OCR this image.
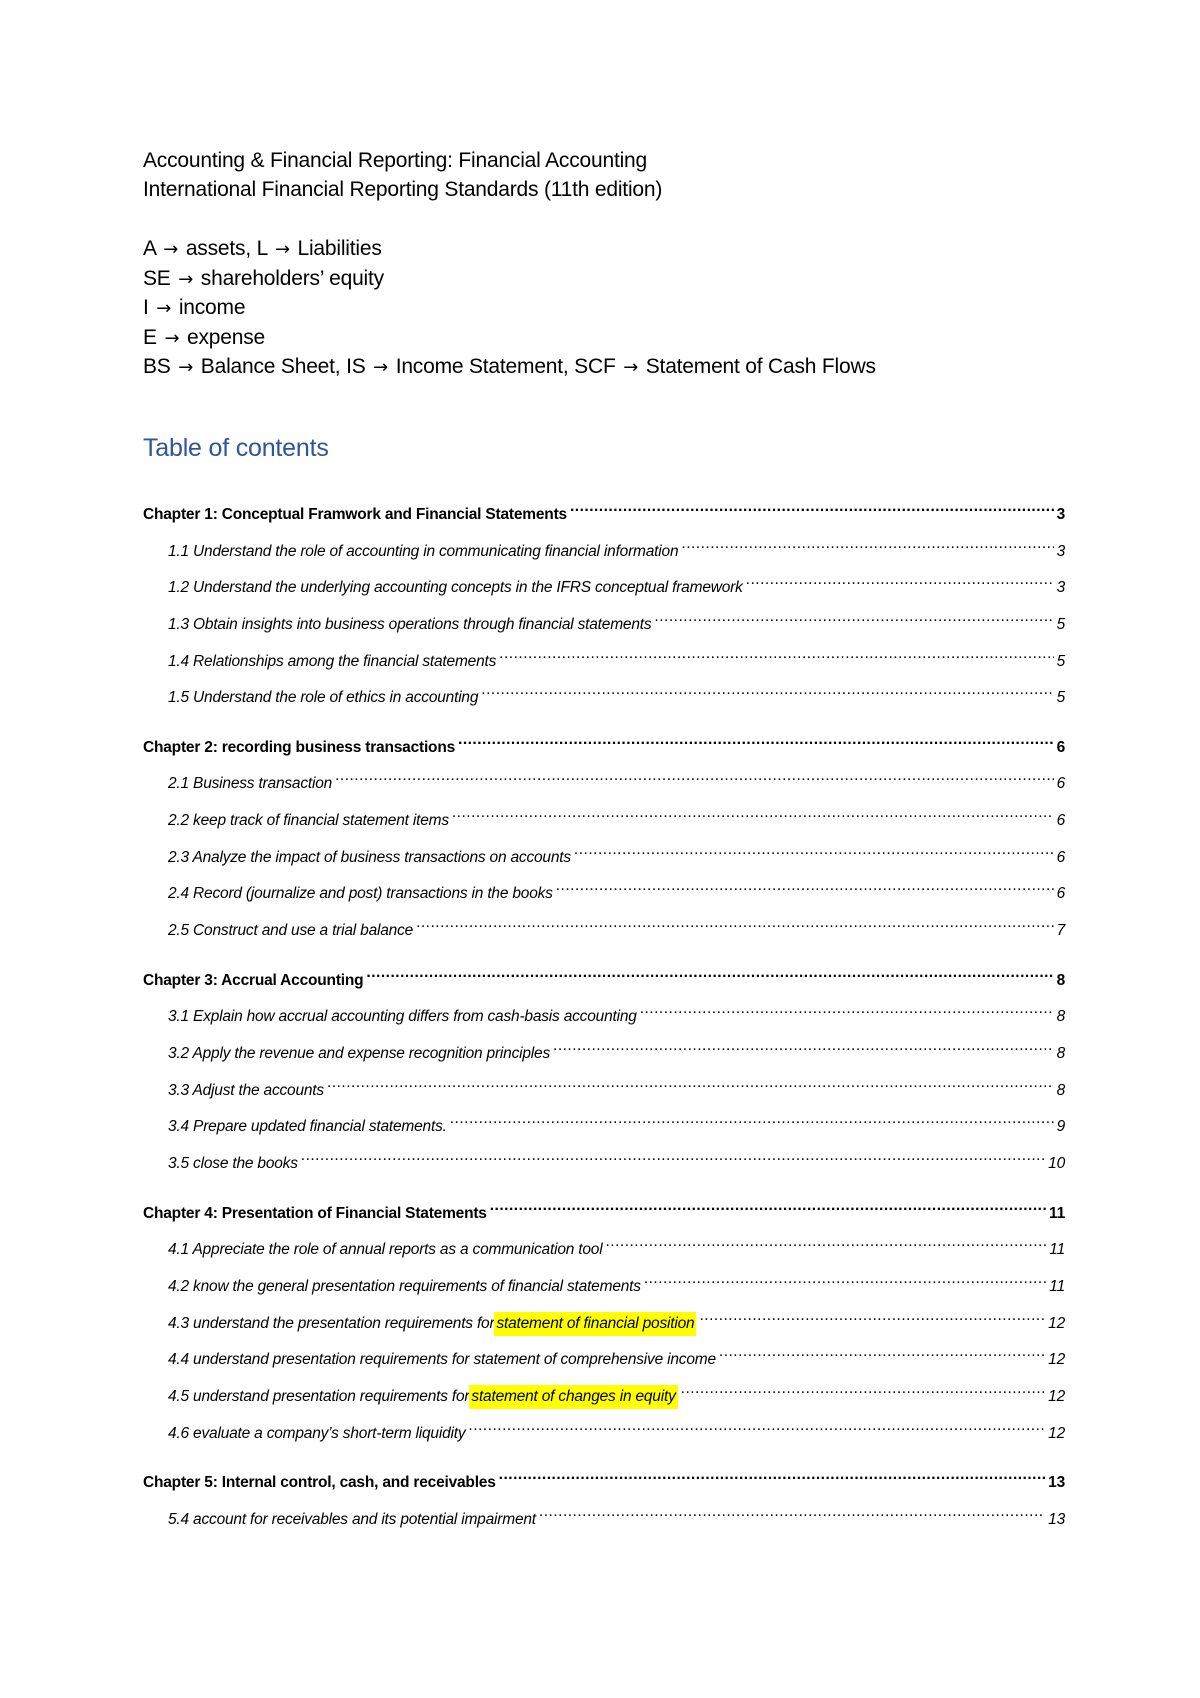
Accounting & Financial Reporting: Financial Accounting
International Financial Reporting Standards (11th edition)
A → assets, L → Liabilities
SE → shareholders’ equity
I → income
E → expense
BS → Balance Sheet, IS → Income Statement, SCF → Statement of Cash Flows
Table of contents
Chapter 1: Conceptual Framwork and Financial Statements .....	3
1.1 Understand the role of accounting in communicating financial information .....	3
1.2 Understand the underlying accounting concepts in the IFRS conceptual framework .....	3
1.3 Obtain insights into business operations through financial statements .....	5
1.4 Relationships among the financial statements .....	5
1.5 Understand the role of ethics in accounting .....	5
Chapter 2: recording business transactions .....	6
2.1 Business transaction .....	6
2.2 keep track of financial statement items .....	6
2.3 Analyze the impact of business transactions on accounts .....	6
2.4 Record (journalize and post) transactions in the books .....	6
2.5 Construct and use a trial balance .....	7
Chapter 3: Accrual Accounting .....	8
3.1 Explain how accrual accounting differs from cash-basis accounting .....	8
3.2 Apply the revenue and expense recognition principles .....	8
3.3 Adjust the accounts .....	8
3.4 Prepare updated financial statements. .....	9
3.5 close the books .....	10
Chapter 4: Presentation of Financial Statements .....	11
4.1 Appreciate the role of annual reports as a communication tool .....	11
4.2 know the general presentation requirements of financial statements .....	11
4.3 understand the presentation requirements for statement of financial position .....	12
4.4 understand presentation requirements for statement of comprehensive income .....	12
4.5 understand presentation requirements for statement of changes in equity .....	12
4.6 evaluate a company’s short-term liquidity .....	12
Chapter 5: Internal control, cash, and receivables .....	13
5.4 account for receivables and its potential impairment .....	13
